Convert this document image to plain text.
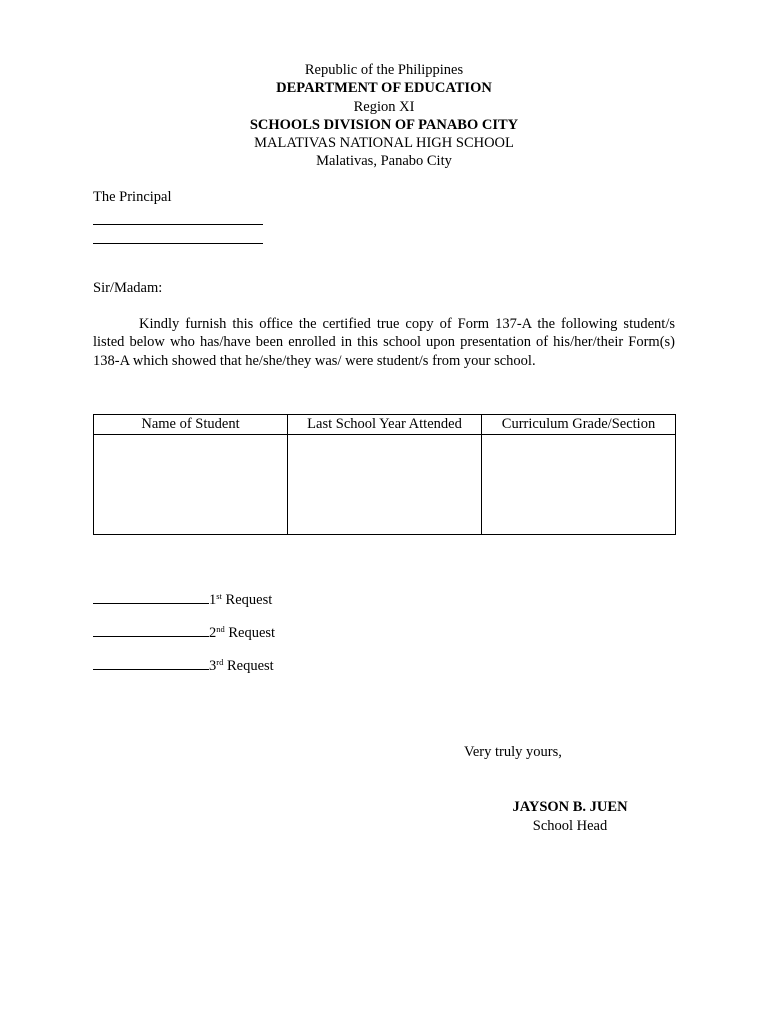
Republic of the Philippines
DEPARTMENT OF EDUCATION
Region XI
SCHOOLS DIVISION OF PANABO CITY
MALATIVAS NATIONAL HIGH SCHOOL
Malativas, Panabo City
The Principal
Sir/Madam:
Kindly furnish this office the certified true copy of Form 137-A the following student/s listed below who has/have been enrolled in this school upon presentation of his/her/their Form(s) 138-A which showed that he/she/they was/ were student/s from your school.
Name of Student	Last School Year Attended	Curriculum Grade/Section

1st Request
2nd Request
3rd Request
Very truly yours,
JAYSON B. JUEN
School Head
